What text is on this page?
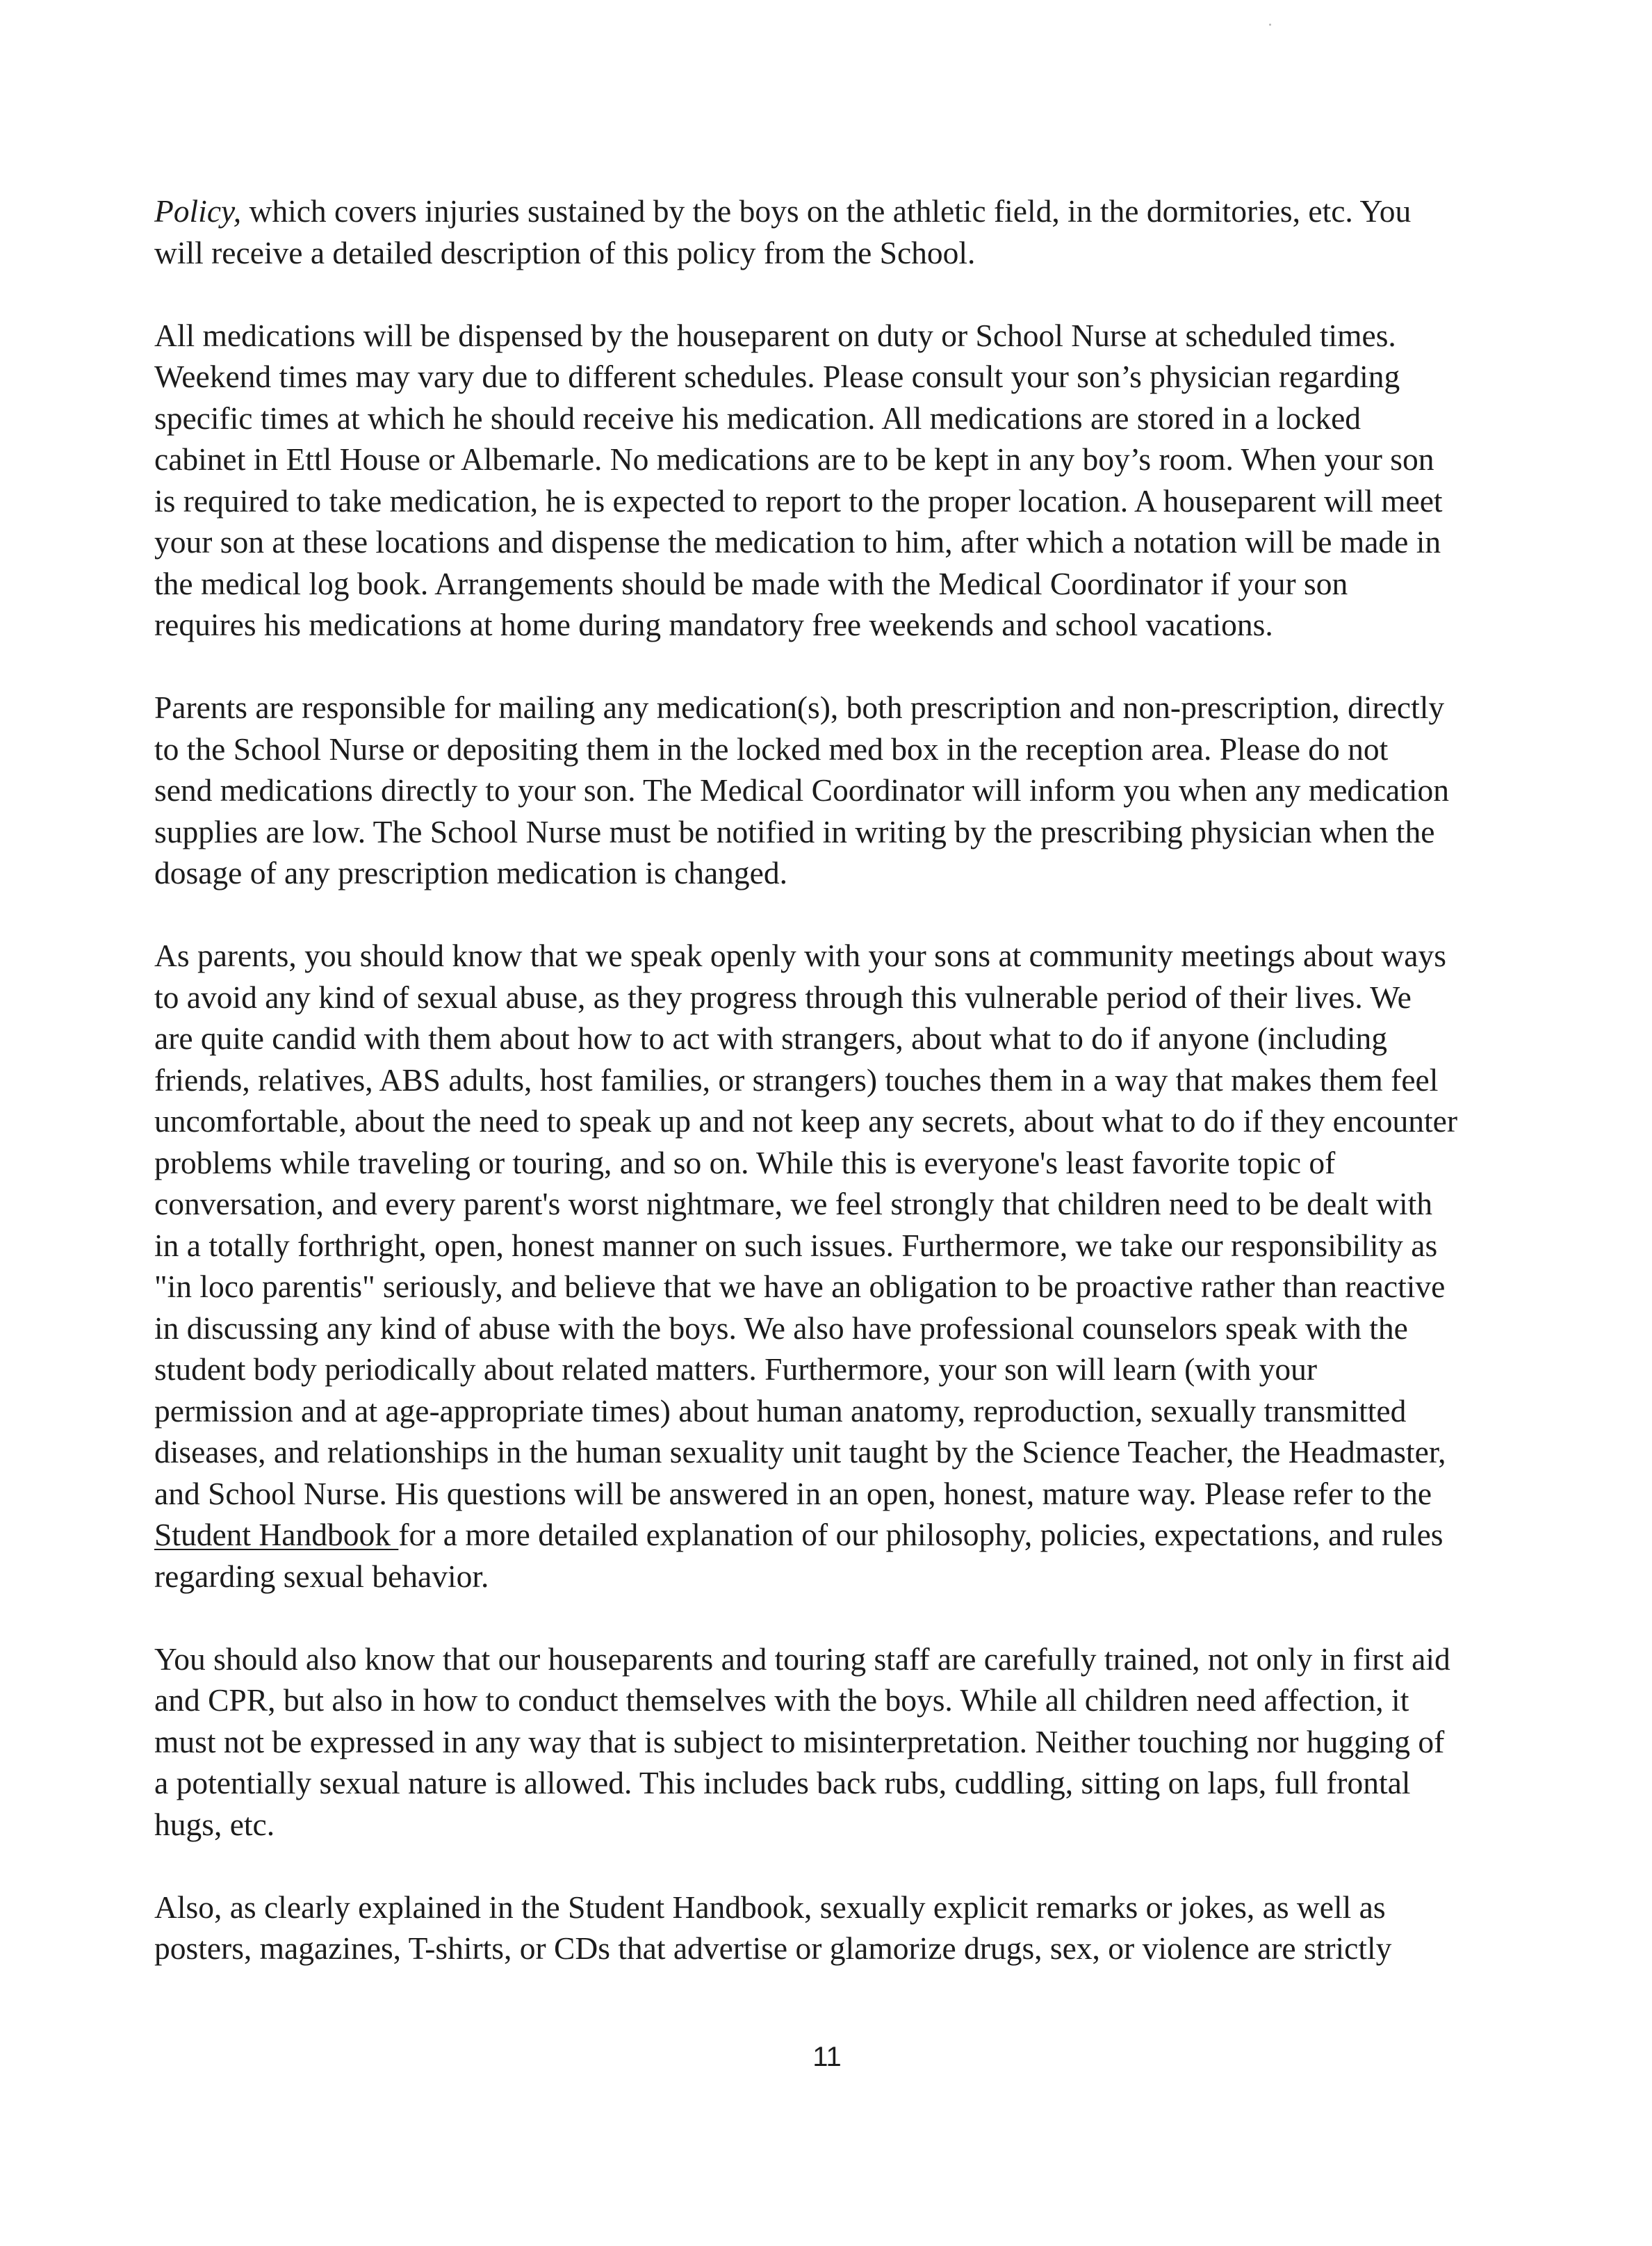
Policy, which covers injuries sustained by the boys on the athletic field, in the dormitories, etc. You
will receive a detailed description of this policy from the School.

All medications will be dispensed by the houseparent on duty or School Nurse at scheduled times.
Weekend times may vary due to different schedules. Please consult your son’s physician regarding
specific times at which he should receive his medication. All medications are stored in a locked
cabinet in Ettl House or Albemarle. No medications are to be kept in any boy’s room. When your son
is required to take medication, he is expected to report to the proper location. A houseparent will meet
your son at these locations and dispense the medication to him, after which a notation will be made in
the medical log book. Arrangements should be made with the Medical Coordinator if your son
requires his medications at home during mandatory free weekends and school vacations.

Parents are responsible for mailing any medication(s), both prescription and non-prescription, directly
to the School Nurse or depositing them in the locked med box in the reception area. Please do not
send medications directly to your son. The Medical Coordinator will inform you when any medication
supplies are low. The School Nurse must be notified in writing by the prescribing physician when the
dosage of any prescription medication is changed.

As parents, you should know that we speak openly with your sons at community meetings about ways
to avoid any kind of sexual abuse, as they progress through this vulnerable period of their lives. We
are quite candid with them about how to act with strangers, about what to do if anyone (including
friends, relatives, ABS adults, host families, or strangers) touches them in a way that makes them feel
uncomfortable, about the need to speak up and not keep any secrets, about what to do if they encounter
problems while traveling or touring, and so on. While this is everyone's least favorite topic of
conversation, and every parent's worst nightmare, we feel strongly that children need to be dealt with
in a totally forthright, open, honest manner on such issues. Furthermore, we take our responsibility as
"in loco parentis" seriously, and believe that we have an obligation to be proactive rather than reactive
in discussing any kind of abuse with the boys. We also have professional counselors speak with the
student body periodically about related matters. Furthermore, your son will learn (with your
permission and at age-appropriate times) about human anatomy, reproduction, sexually transmitted
diseases, and relationships in the human sexuality unit taught by the Science Teacher, the Headmaster,
and School Nurse. His questions will be answered in an open, honest, mature way. Please refer to the
Student Handbook for a more detailed explanation of our philosophy, policies, expectations, and rules
regarding sexual behavior.

You should also know that our houseparents and touring staff are carefully trained, not only in first aid
and CPR, but also in how to conduct themselves with the boys. While all children need affection, it
must not be expressed in any way that is subject to misinterpretation. Neither touching nor hugging of
a potentially sexual nature is allowed. This includes back rubs, cuddling, sitting on laps, full frontal
hugs, etc.

Also, as clearly explained in the Student Handbook, sexually explicit remarks or jokes, as well as
posters, magazines, T-shirts, or CDs that advertise or glamorize drugs, sex, or violence are strictly

11
